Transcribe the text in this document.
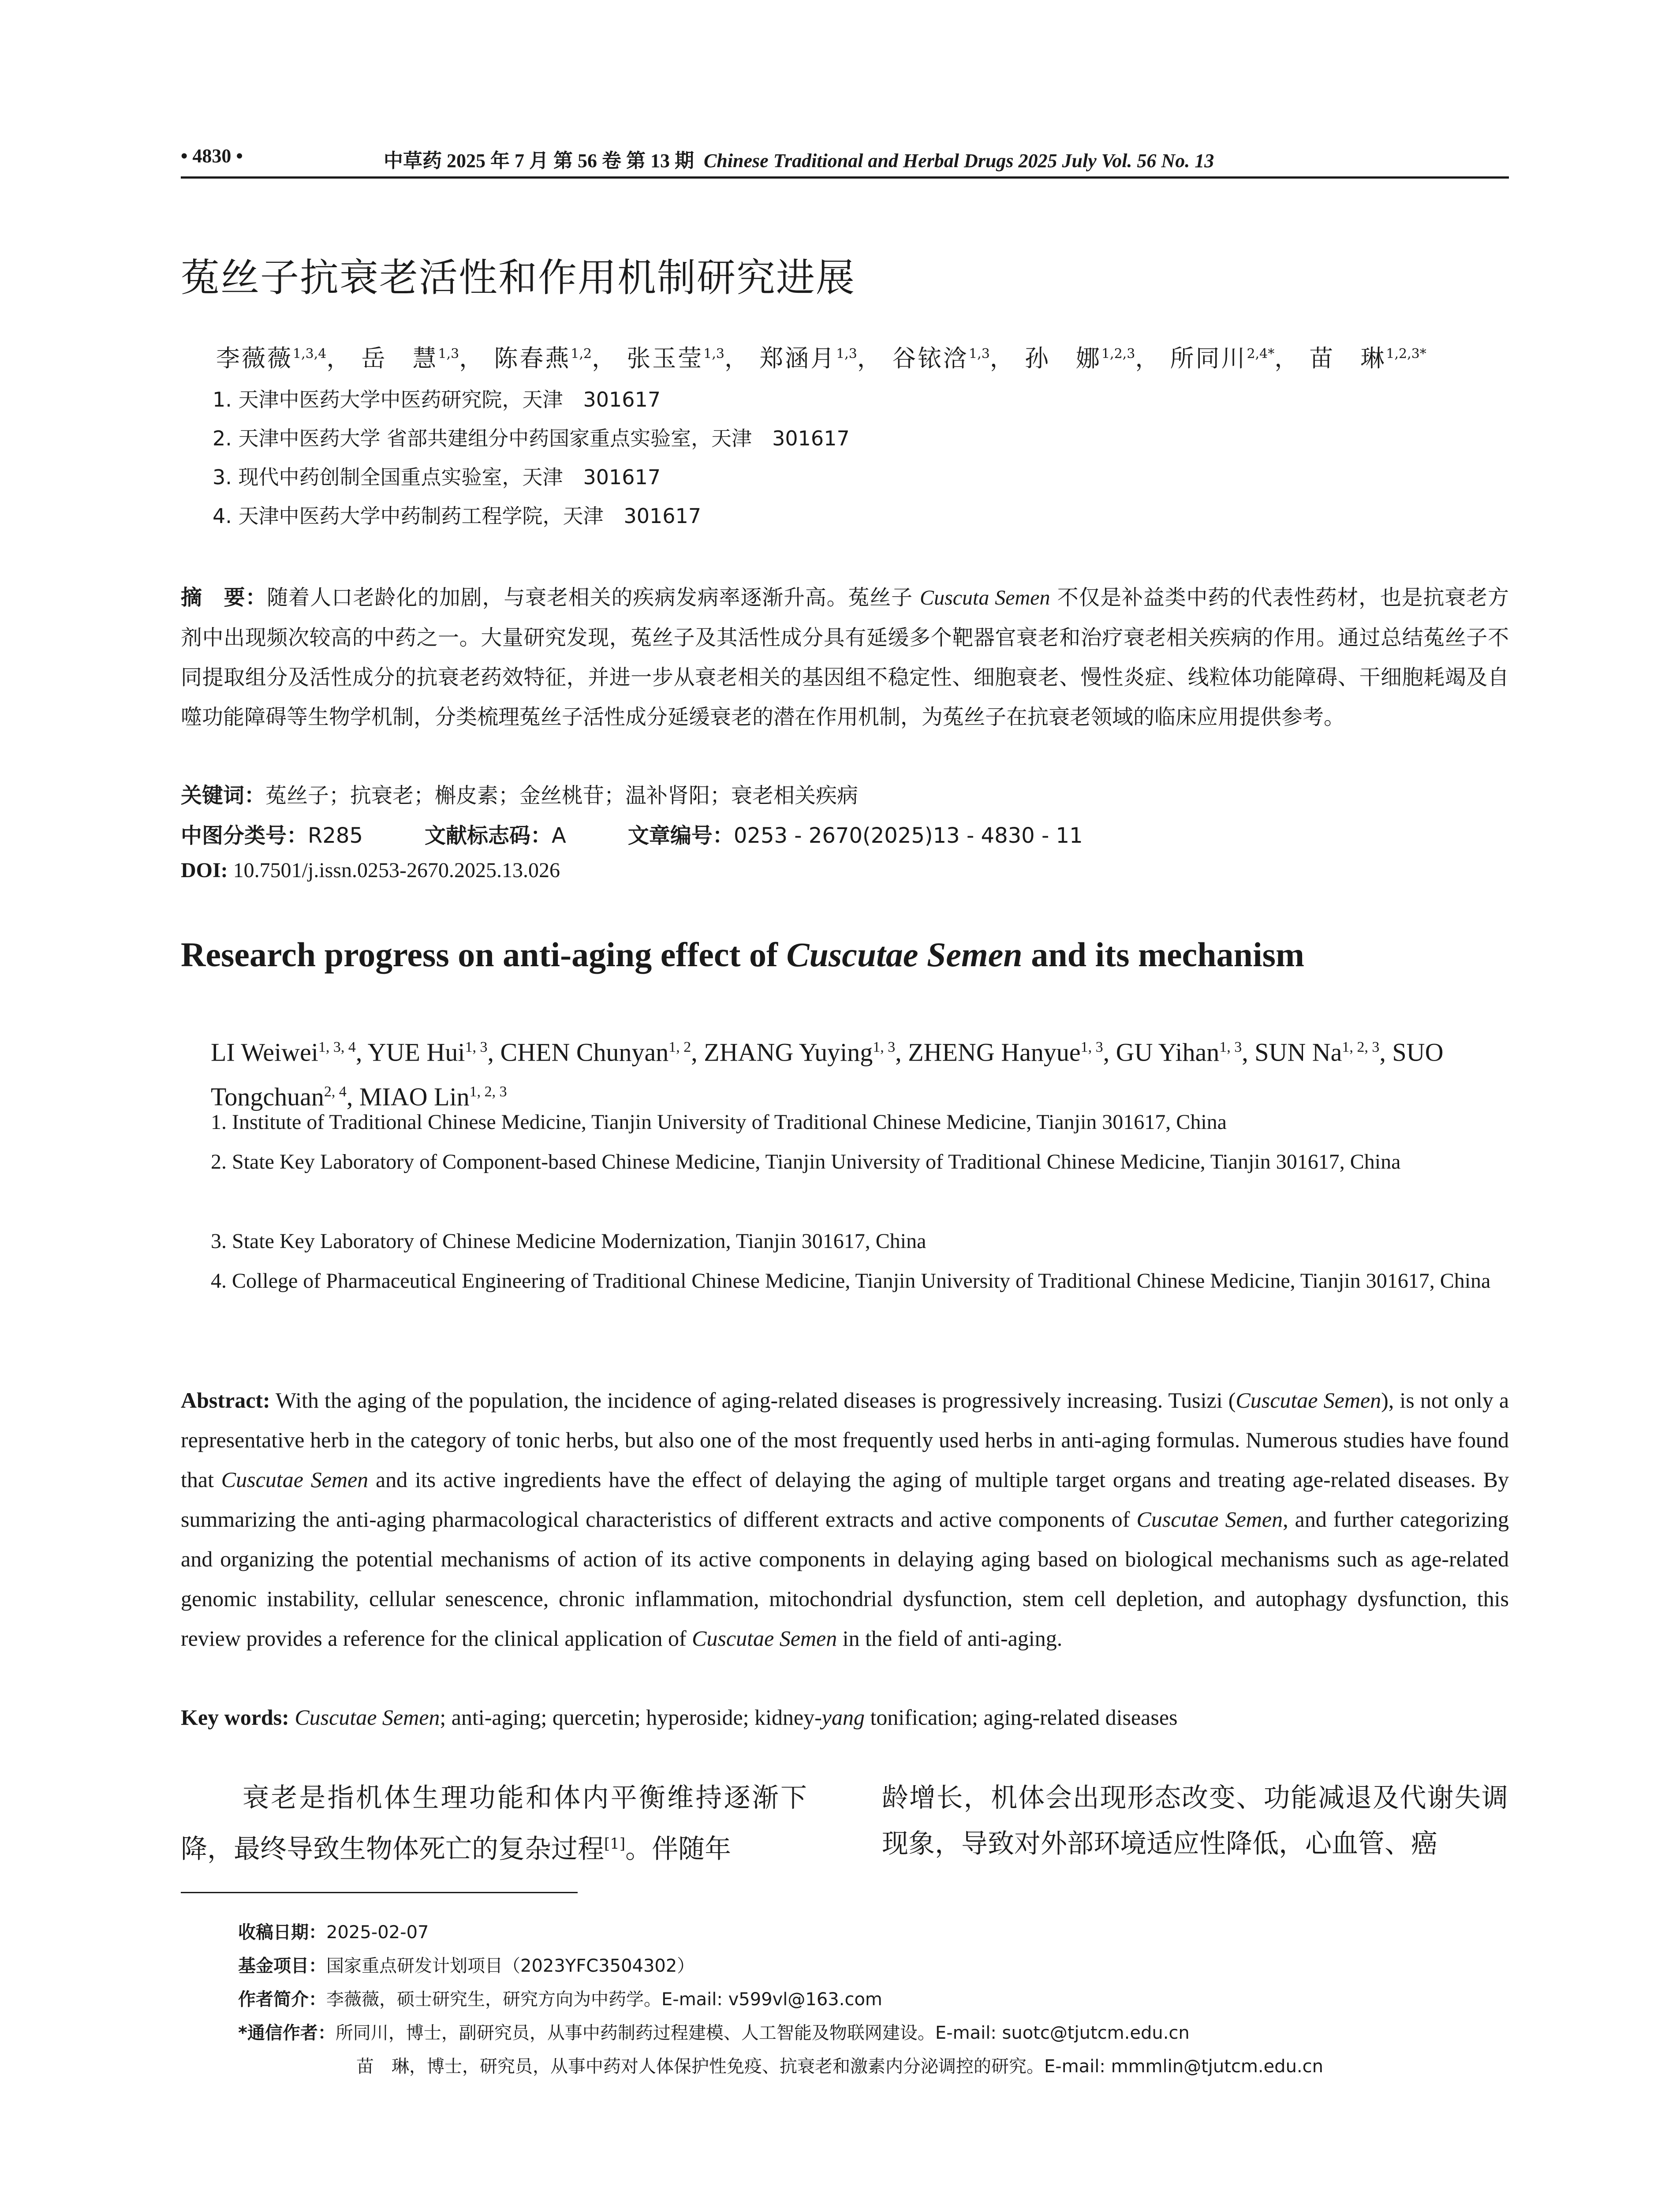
• 4830 •	中草药 2025 年 7 月 第 56 卷 第 13 期 Chinese Traditional and Herbal Drugs 2025 July Vol. 56 No. 13
菟丝子抗衰老活性和作用机制研究进展
李薇薇$^{1,3,4}$， 岳　慧$^{1,3}$， 陈春燕$^{1,2}$， 张玉莹$^{1,3}$， 郑涵月$^{1,3}$， 谷铱浛$^{1,3}$， 孙　娜$^{1,2,3}$， 所同川$^{2,4*}$， 苗　琳$^{1,2,3*}$
1. 天津中医药大学中医药研究院，天津　301617
2. 天津中医药大学 省部共建组分中药国家重点实验室，天津　301617
3. 现代中药创制全国重点实验室，天津　301617
4. 天津中医药大学中药制药工程学院，天津　301617
摘　要：随着人口老龄化的加剧，与衰老相关的疾病发病率逐渐升高。菟丝子 Cuscuta Semen 不仅是补益类中药的代表性药材，也是抗衰老方剂中出现频次较高的中药之一。大量研究发现，菟丝子及其活性成分具有延缓多个靶器官衰老和治疗衰老相关疾病的作用。通过总结菟丝子不同提取组分及活性成分的抗衰老药效特征，并进一步从衰老相关的基因组不稳定性、细胞衰老、慢性炎症、线粒体功能障碍、干细胞耗竭及自噬功能障碍等生物学机制，分类梳理菟丝子活性成分延缓衰老的潜在作用机制，为菟丝子在抗衰老领域的临床应用提供参考。
关键词：菟丝子；抗衰老；槲皮素；金丝桃苷；温补肾阳；衰老相关疾病
中图分类号：R285	文献标志码：A	文章编号：0253 - 2670(2025)13 - 4830 - 11
DOI: 10.7501/j.issn.0253-2670.2025.13.026
Research progress on anti-aging effect of Cuscutae Semen and its mechanism
LI Weiwei$^{1, 3, 4}$, YUE Hui$^{1, 3}$, CHEN Chunyan$^{1, 2}$, ZHANG Yuying$^{1, 3}$, ZHENG Hanyue$^{1, 3}$, GU Yihan$^{1, 3}$, SUN Na$^{1, 2, 3}$, SUO Tongchuan$^{2, 4}$, MIAO Lin$^{1, 2, 3}$
1. Institute of Traditional Chinese Medicine, Tianjin University of Traditional Chinese Medicine, Tianjin 301617, China
2. State Key Laboratory of Component-based Chinese Medicine, Tianjin University of Traditional Chinese Medicine, Tianjin 301617, China
3. State Key Laboratory of Chinese Medicine Modernization, Tianjin 301617, China
4. College of Pharmaceutical Engineering of Traditional Chinese Medicine, Tianjin University of Traditional Chinese Medicine, Tianjin 301617, China
Abstract: With the aging of the population, the incidence of aging-related diseases is progressively increasing. Tusizi (Cuscutae Semen), is not only a representative herb in the category of tonic herbs, but also one of the most frequently used herbs in anti-aging formulas. Numerous studies have found that Cuscutae Semen and its active ingredients have the effect of delaying the aging of multiple target organs and treating age-related diseases. By summarizing the anti-aging pharmacological characteristics of different extracts and active components of Cuscutae Semen, and further categorizing and organizing the potential mechanisms of action of its active components in delaying aging based on biological mechanisms such as age-related genomic instability, cellular senescence, chronic inflammation, mitochondrial dysfunction, stem cell depletion, and autophagy dysfunction, this review provides a reference for the clinical application of Cuscutae Semen in the field of anti-aging.
Key words: Cuscutae Semen; anti-aging; quercetin; hyperoside; kidney-yang tonification; aging-related diseases
衰老是指机体生理功能和体内平衡维持逐渐下降，最终导致生物体死亡的复杂过程[1]。伴随年
龄增长，机体会出现形态改变、功能减退及代谢失调现象，导致对外部环境适应性降低，心血管、癌
收稿日期：2025-02-07
基金项目：国家重点研发计划项目（2023YFC3504302）
作者简介：李薇薇，硕士研究生，研究方向为中药学。E-mail: v599vl@163.com
*通信作者：所同川，博士，副研究员，从事中药制药过程建模、人工智能及物联网建设。E-mail: suotc@tjutcm.edu.cn
苗　琳，博士，研究员，从事中药对人体保护性免疫、抗衰老和激素内分泌调控的研究。E-mail: mmmlin@tjutcm.edu.cn
